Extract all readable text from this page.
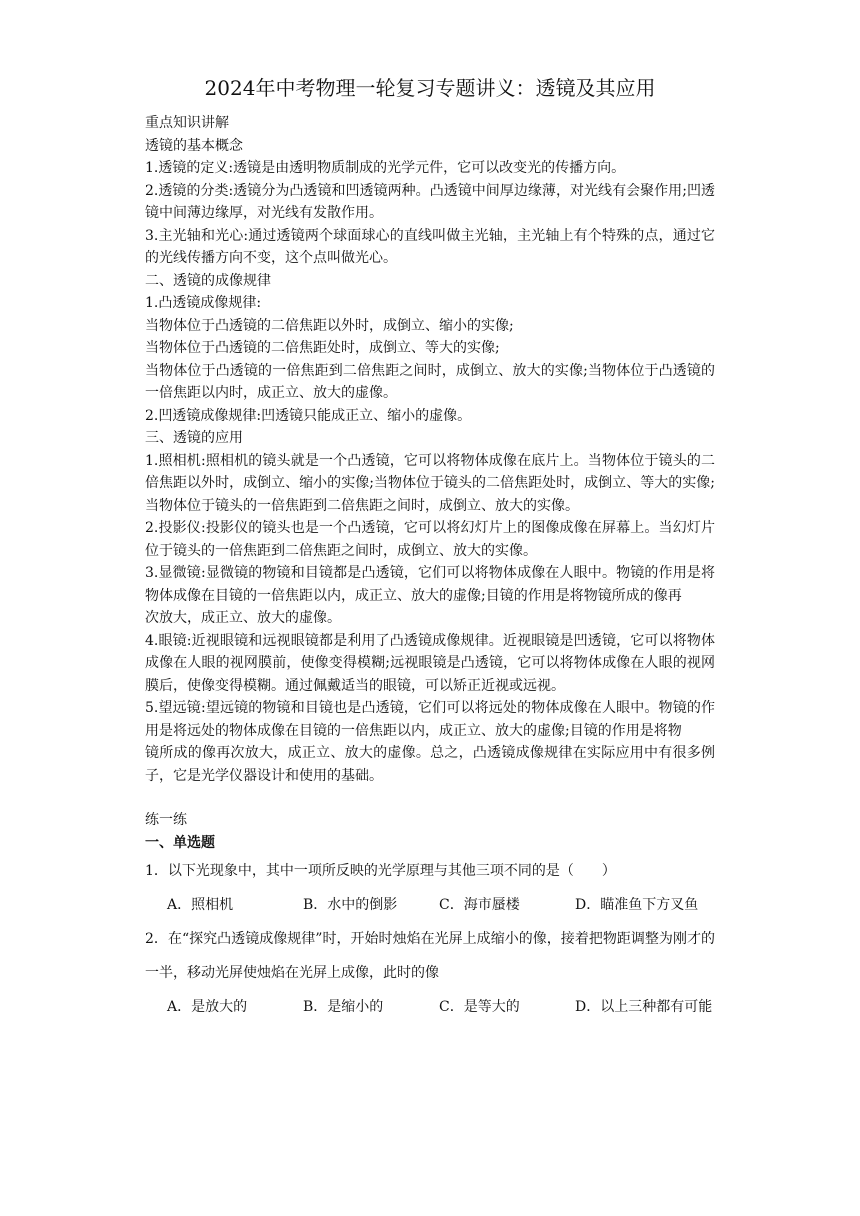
2024年中考物理一轮复习专题讲义：透镜及其应用

重点知识讲解

透镜的基本概念

1.透镜的定义:透镜是由透明物质制成的光学元件，它可以改变光的传播方向。

2.透镜的分类:透镜分为凸透镜和凹透镜两种。凸透镜中间厚边缘薄，对光线有会聚作用;凹透镜中间薄边缘厚，对光线有发散作用。

3.主光轴和光心:通过透镜两个球面球心的直线叫做主光轴，主光轴上有个特殊的点，通过它的光线传播方向不变，这个点叫做光心。

二、透镜的成像规律

1.凸透镜成像规律:

当物体位于凸透镜的二倍焦距以外时，成倒立、缩小的实像;

当物体位于凸透镜的二倍焦距处时，成倒立、等大的实像;

当物体位于凸透镜的一倍焦距到二倍焦距之间时，成倒立、放大的实像;当物体位于凸透镜的一倍焦距以内时，成正立、放大的虚像。

2.凹透镜成像规律:凹透镜只能成正立、缩小的虚像。

三、透镜的应用

1.照相机:照相机的镜头就是一个凸透镜，它可以将物体成像在底片上。当物体位于镜头的二倍焦距以外时，成倒立、缩小的实像;当物体位于镜头的二倍焦距处时，成倒立、等大的实像;当物体位于镜头的一倍焦距到二倍焦距之间时，成倒立、放大的实像。

2.投影仪:投影仪的镜头也是一个凸透镜，它可以将幻灯片上的图像成像在屏幕上。当幻灯片位于镜头的一倍焦距到二倍焦距之间时，成倒立、放大的实像。

3.显微镜:显微镜的物镜和目镜都是凸透镜，它们可以将物体成像在人眼中。物镜的作用是将物体成像在目镜的一倍焦距以内，成正立、放大的虚像;目镜的作用是将物镜所成的像再

次放大，成正立、放大的虚像。

4.眼镜:近视眼镜和远视眼镜都是利用了凸透镜成像规律。近视眼镜是凹透镜，它可以将物体成像在人眼的视网膜前，使像变得模糊;远视眼镜是凸透镜，它可以将物体成像在人眼的视网膜后，使像变得模糊。通过佩戴适当的眼镜，可以矫正近视或远视。

5.望远镜:望远镜的物镜和目镜也是凸透镜，它们可以将远处的物体成像在人眼中。物镜的作用是将远处的物体成像在目镜的一倍焦距以内，成正立、放大的虚像;目镜的作用是将物

镜所成的像再次放大，成正立、放大的虚像。总之，凸透镜成像规律在实际应用中有很多例子，它是光学仪器设计和使用的基础。

练一练

一、单选题

1．以下光现象中，其中一项所反映的光学原理与其他三项不同的是（　　）

A．照相机	B．水中的倒影	C．海市蜃楼	D．瞄准鱼下方叉鱼

2．在“探究凸透镜成像规律”时，开始时烛焰在光屏上成缩小的像，接着把物距调整为刚才的一半，移动光屏使烛焰在光屏上成像，此时的像

A．是放大的	B．是缩小的	C．是等大的	D．以上三种都有可能
